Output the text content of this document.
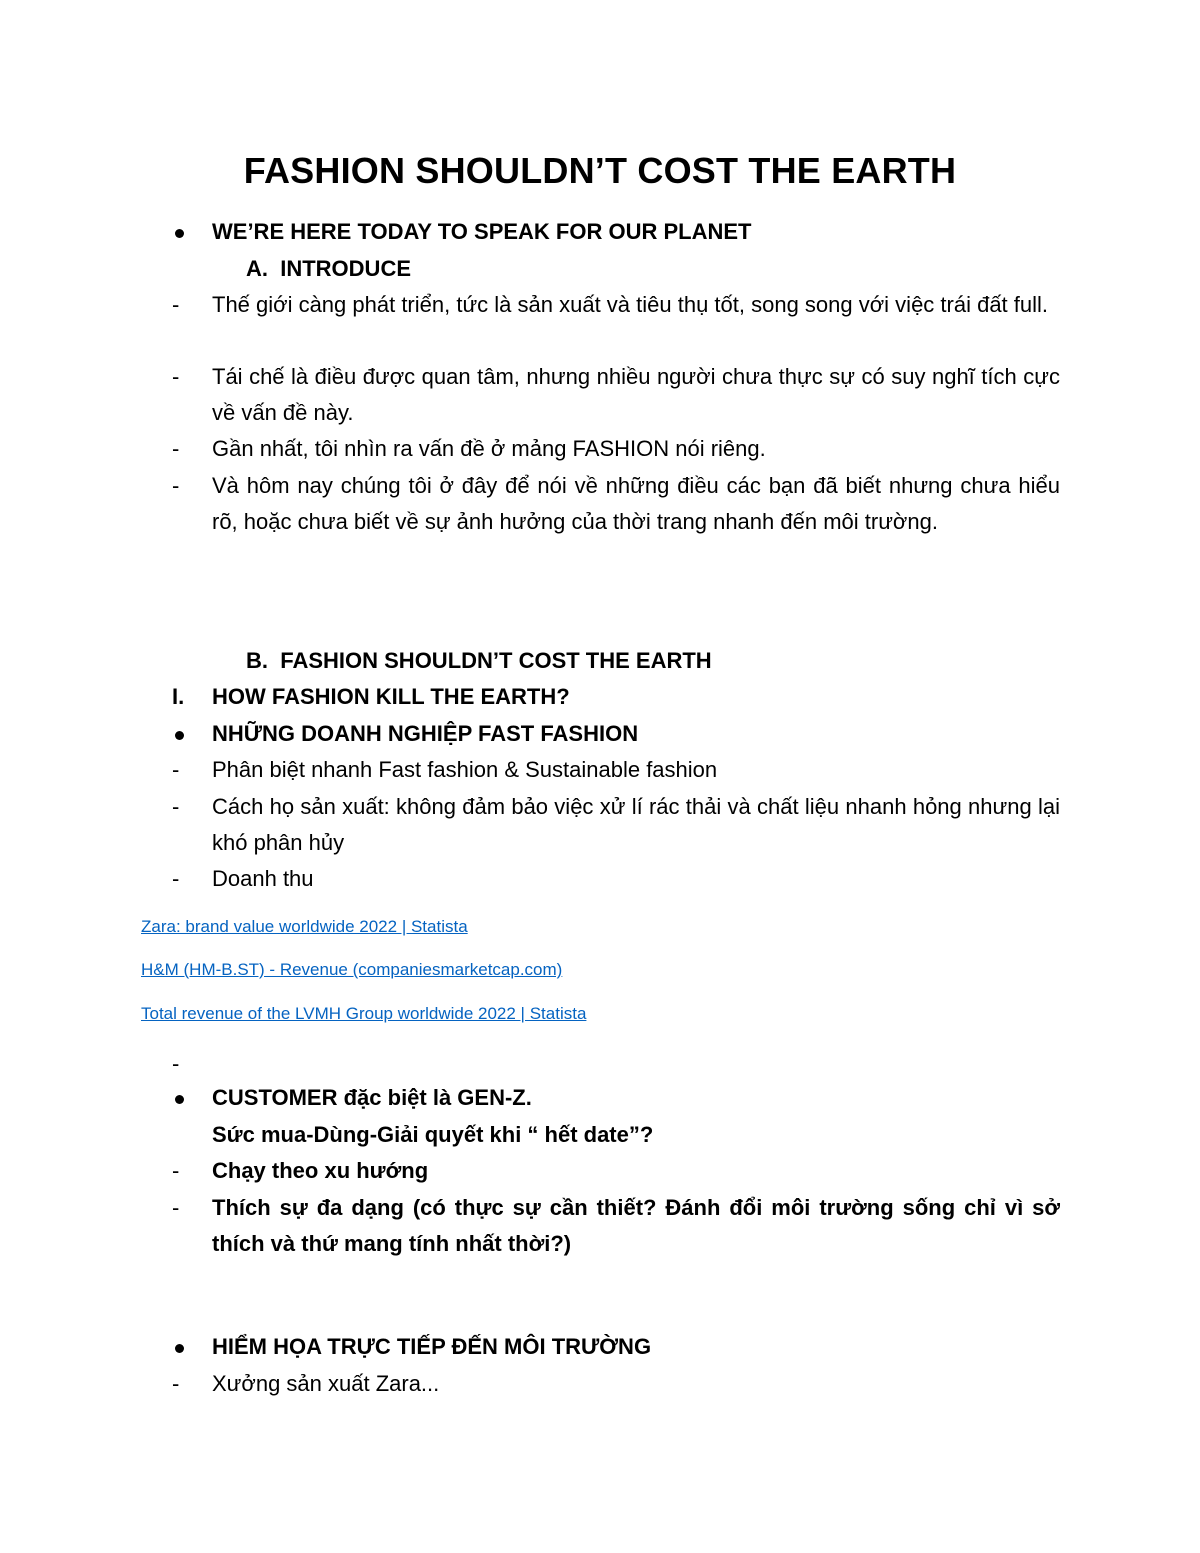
FASHION SHOULDN’T COST THE EARTH
WE’RE HERE TODAY TO SPEAK FOR OUR PLANET
A. INTRODUCE
-	Thế giới càng phát triển, tức là sản xuất và tiêu thụ tốt, song song với việc trái đất full.
-	Tái chế là điều được quan tâm, nhưng nhiều người chưa thực sự có suy nghĩ tích cực về vấn đề này.
-	Gần nhất, tôi nhìn ra vấn đề ở mảng FASHION nói riêng.
-	Và hôm nay chúng tôi ở đây để nói về những điều các bạn đã biết nhưng chưa hiểu rõ, hoặc chưa biết về sự ảnh hưởng của thời trang nhanh đến môi trường.
B. FASHION SHOULDN’T COST THE EARTH
I.	HOW FASHION KILL THE EARTH?
NHỮNG DOANH NGHIỆP FAST FASHION
-	Phân biệt nhanh Fast fashion & Sustainable fashion
-	Cách họ sản xuất: không đảm bảo việc xử lí rác thải và chất liệu nhanh hỏng nhưng lại khó phân hủy
-	Doanh thu
Zara: brand value worldwide 2022 | Statista
H&M (HM-B.ST) - Revenue (companiesmarketcap.com)
Total revenue of the LVMH Group worldwide 2022 | Statista
-
CUSTOMER đặc biệt là GEN-Z.
Sức mua-Dùng-Giải quyết khi “ hết date”?
-	Chạy theo xu hướng
-	Thích sự đa dạng (có thực sự cần thiết? Đánh đổi môi trường sống chỉ vì sở thích và thứ mang tính nhất thời?)
HIỂM HỌA TRỰC TIẾP ĐẾN MÔI TRƯỜNG
-	Xưởng sản xuất Zara...
